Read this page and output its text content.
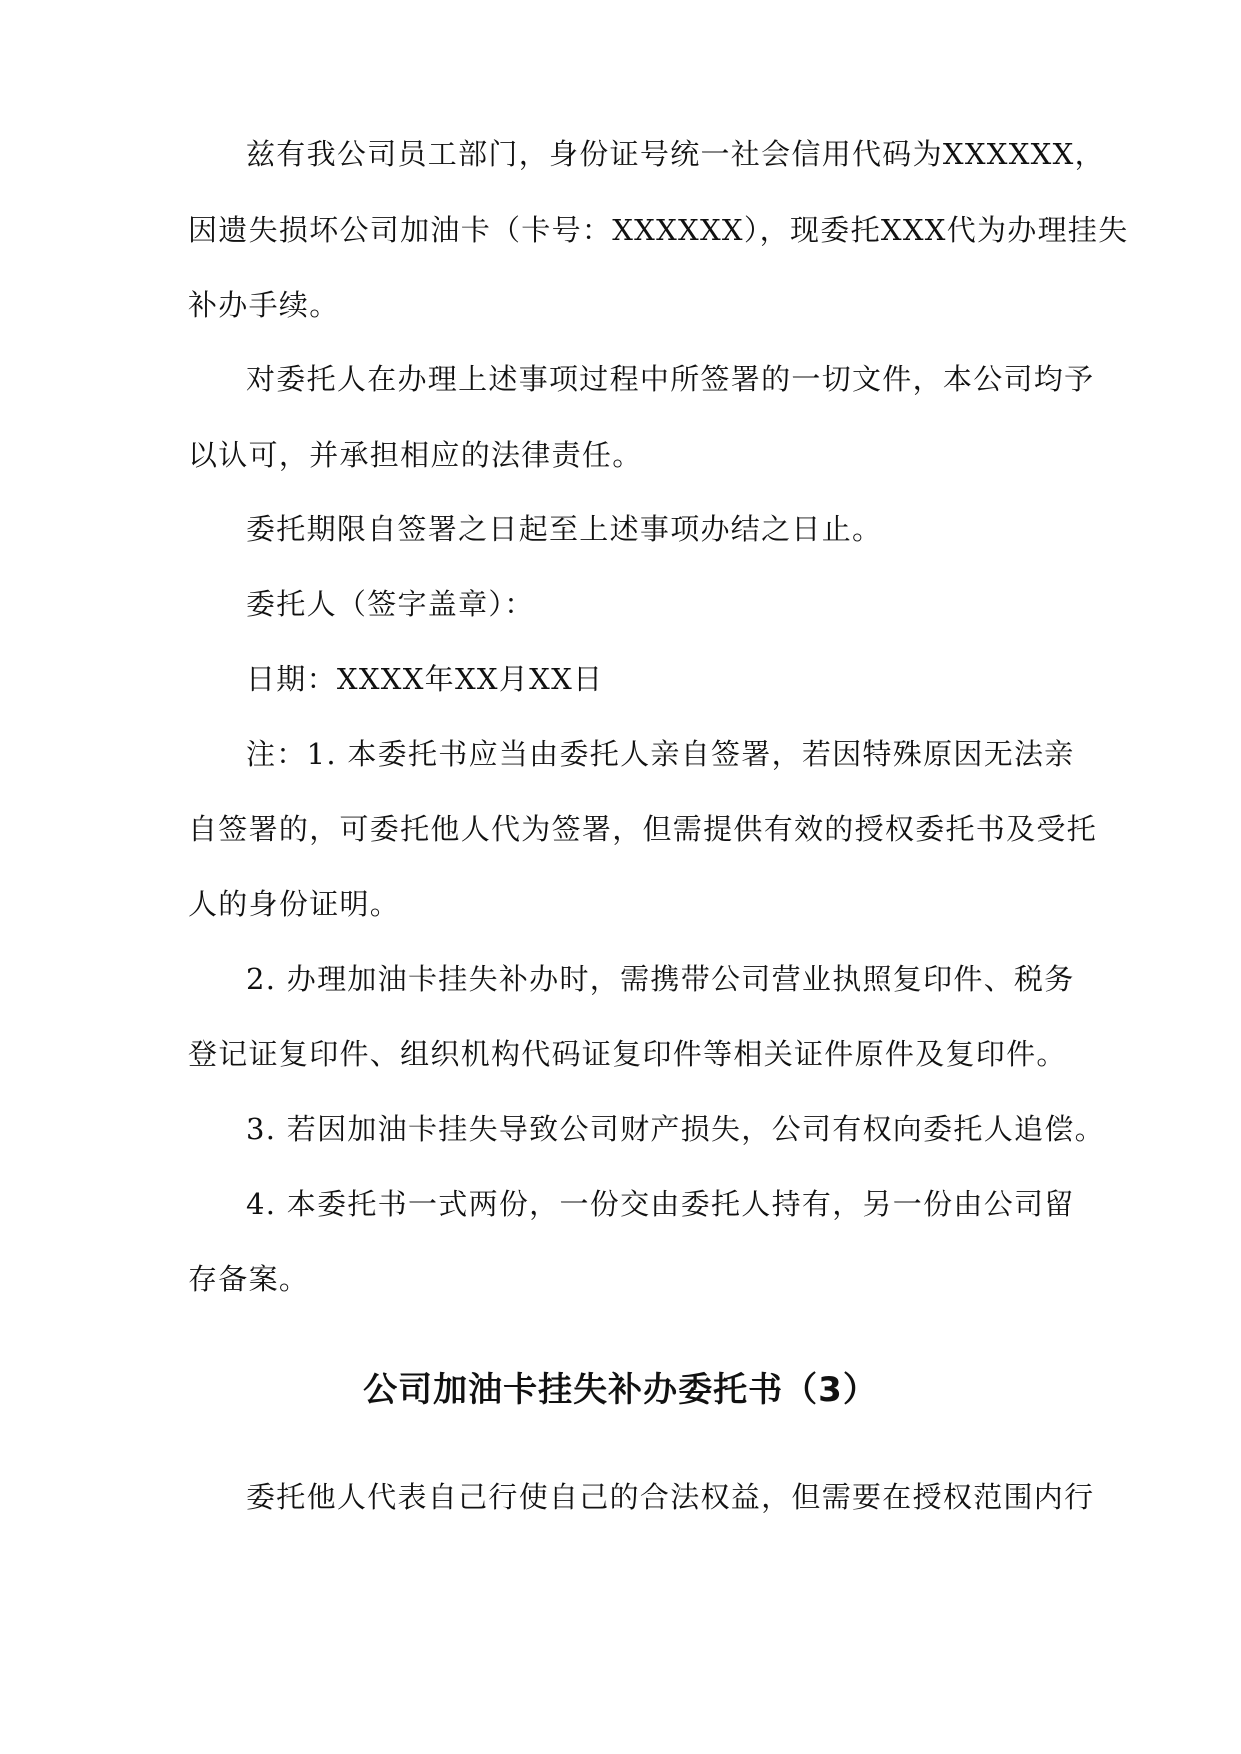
兹有我公司员工部门，身份证号统一社会信用代码为XXXXXX，
因遗失损坏公司加油卡（卡号：XXXXXX），现委托XXX代为办理挂失
补办手续。
对委托人在办理上述事项过程中所签署的一切文件，本公司均予
以认可，并承担相应的法律责任。
委托期限自签署之日起至上述事项办结之日止。
委托人（签字盖章）：
日期：XXXX年XX月XX日
注：1. 本委托书应当由委托人亲自签署，若因特殊原因无法亲
自签署的，可委托他人代为签署，但需提供有效的授权委托书及受托
人的身份证明。
2. 办理加油卡挂失补办时，需携带公司营业执照复印件、税务
登记证复印件、组织机构代码证复印件等相关证件原件及复印件。
3. 若因加油卡挂失导致公司财产损失，公司有权向委托人追偿。
4. 本委托书一式两份，一份交由委托人持有，另一份由公司留
存备案。
公司加油卡挂失补办委托书（3）
委托他人代表自己行使自己的合法权益，但需要在授权范围内行
